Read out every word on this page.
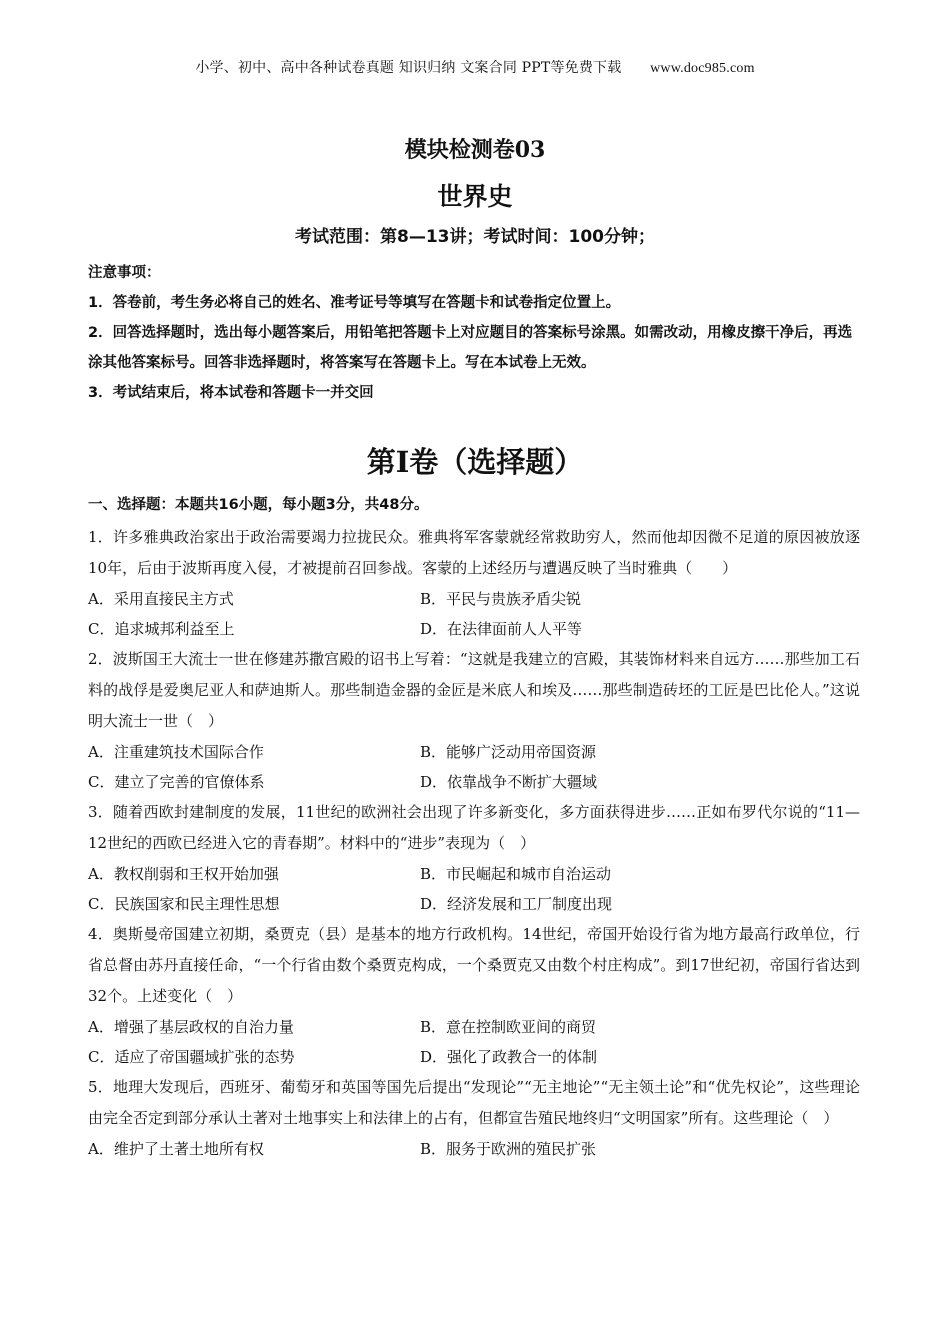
小学、初中、高中各种试卷真题 知识归纳 文案合同 PPT等免费下载 www.doc985.com
模块检测卷03
世界史
考试范围：第8—13讲；考试时间：100分钟；

注意事项：

1．答卷前，考生务必将自己的姓名、准考证号等填写在答题卡和试卷指定位置上。

2．回答选择题时，选出每小题答案后，用铅笔把答题卡上对应题目的答案标号涂黑。如需改动，用橡皮擦干净后，再选涂其他答案标号。回答非选择题时，将答案写在答题卡上。写在本试卷上无效。

3．考试结束后，将本试卷和答题卡一并交回

第I卷（选择题）
一、选择题：本题共16小题，每小题3分，共48分。

1．许多雅典政治家出于政治需要竭力拉拢民众。雅典将军客蒙就经常救助穷人，然而他却因微不足道的原因被放逐10年，后由于波斯再度入侵，才被提前召回参战。客蒙的上述经历与遭遇反映了当时雅典（　　）

A．采用直接民主方式	B．平民与贵族矛盾尖锐
C．追求城邦利益至上	D．在法律面前人人平等

2．波斯国王大流士一世在修建苏撒宫殿的诏书上写着：“这就是我建立的宫殿，其装饰材料来自远方……那些加工石料的战俘是爱奥尼亚人和萨迪斯人。那些制造金器的金匠是米底人和埃及……那些制造砖坯的工匠是巴比伦人。”这说明大流士一世（　）

A．注重建筑技术国际合作	B．能够广泛动用帝国资源
C．建立了完善的官僚体系	D．依靠战争不断扩大疆域

3．随着西欧封建制度的发展，11世纪的欧洲社会出现了许多新变化，多方面获得进步……正如布罗代尔说的“11—12世纪的西欧已经进入它的青春期”。材料中的“进步”表现为（　）

A．教权削弱和王权开始加强	B．市民崛起和城市自治运动
C．民族国家和民主理性思想	D．经济发展和工厂制度出现

4．奥斯曼帝国建立初期，桑贾克（县）是基本的地方行政机构。14世纪，帝国开始设行省为地方最高行政单位，行省总督由苏丹直接任命，“一个行省由数个桑贾克构成，一个桑贾克又由数个村庄构成”。到17世纪初，帝国行省达到32个。上述变化（　）

A．增强了基层政权的自治力量	B．意在控制欧亚间的商贸
C．适应了帝国疆域扩张的态势	D．强化了政教合一的体制

5．地理大发现后，西班牙、葡萄牙和英国等国先后提出“发现论”“无主地论”“无主领土论”和“优先权论”，这些理论由完全否定到部分承认土著对土地事实上和法律上的占有，但都宣告殖民地终归“文明国家”所有。这些理论（　）

A．维护了土著土地所有权	B．服务于欧洲的殖民扩张
